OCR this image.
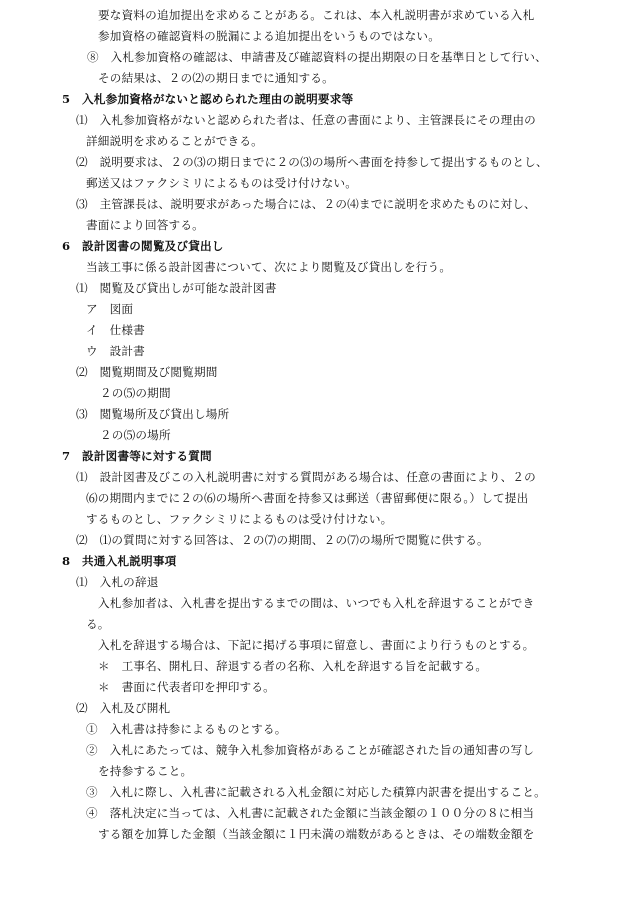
要な資料の追加提出を求めることがある。これは、本入札説明書が求めている入札
参加資格の確認資料の脱漏による追加提出をいうものではない。
⑧　入札参加資格の確認は、申請書及び確認資料の提出期限の日を基準日として行い、
その結果は、２の⑵の期日までに通知する。
5　入札参加資格がないと認められた理由の説明要求等
⑴　入札参加資格がないと認められた者は、任意の書面により、主管課長にその理由の
詳細説明を求めることができる。
⑵　説明要求は、２の⑶の期日までに２の⑶の場所へ書面を持参して提出するものとし、
郵送又はファクシミリによるものは受け付けない。
⑶　主管課長は、説明要求があった場合には、２の⑷までに説明を求めたものに対し、
書面により回答する。
6　設計図書の閲覧及び貸出し
当該工事に係る設計図書について、次により閲覧及び貸出しを行う。
⑴　閲覧及び貸出しが可能な設計図書
ア　図面
イ　仕様書
ウ　設計書
⑵　閲覧期間及び閲覧期間
２の⑸の期間
⑶　閲覧場所及び貸出し場所
２の⑸の場所
7　設計図書等に対する質問
⑴　設計図書及びこの入札説明書に対する質問がある場合は、任意の書面により、２の
⑹の期間内までに２の⑹の場所へ書面を持参又は郵送（書留郵便に限る。）して提出
するものとし、ファクシミリによるものは受け付けない。
⑵　⑴の質問に対する回答は、２の⑺の期間、２の⑺の場所で閲覧に供する。
8　共通入札説明事項
⑴　入札の辞退
入札参加者は、入札書を提出するまでの間は、いつでも入札を辞退することができ
る。
入札を辞退する場合は、下記に掲げる事項に留意し、書面により行うものとする。
＊　工事名、開札日、辞退する者の名称、入札を辞退する旨を記載する。
＊　書面に代表者印を押印する。
⑵　入札及び開札
①　入札書は持参によるものとする。
②　入札にあたっては、競争入札参加資格があることが確認された旨の通知書の写し
を持参すること。
③　入札に際し、入札書に記載される入札金額に対応した積算内訳書を提出すること。
④　落札決定に当っては、入札書に記載された金額に当該金額の１００分の８に相当
する額を加算した金額（当該金額に１円未満の端数があるときは、その端数金額を
